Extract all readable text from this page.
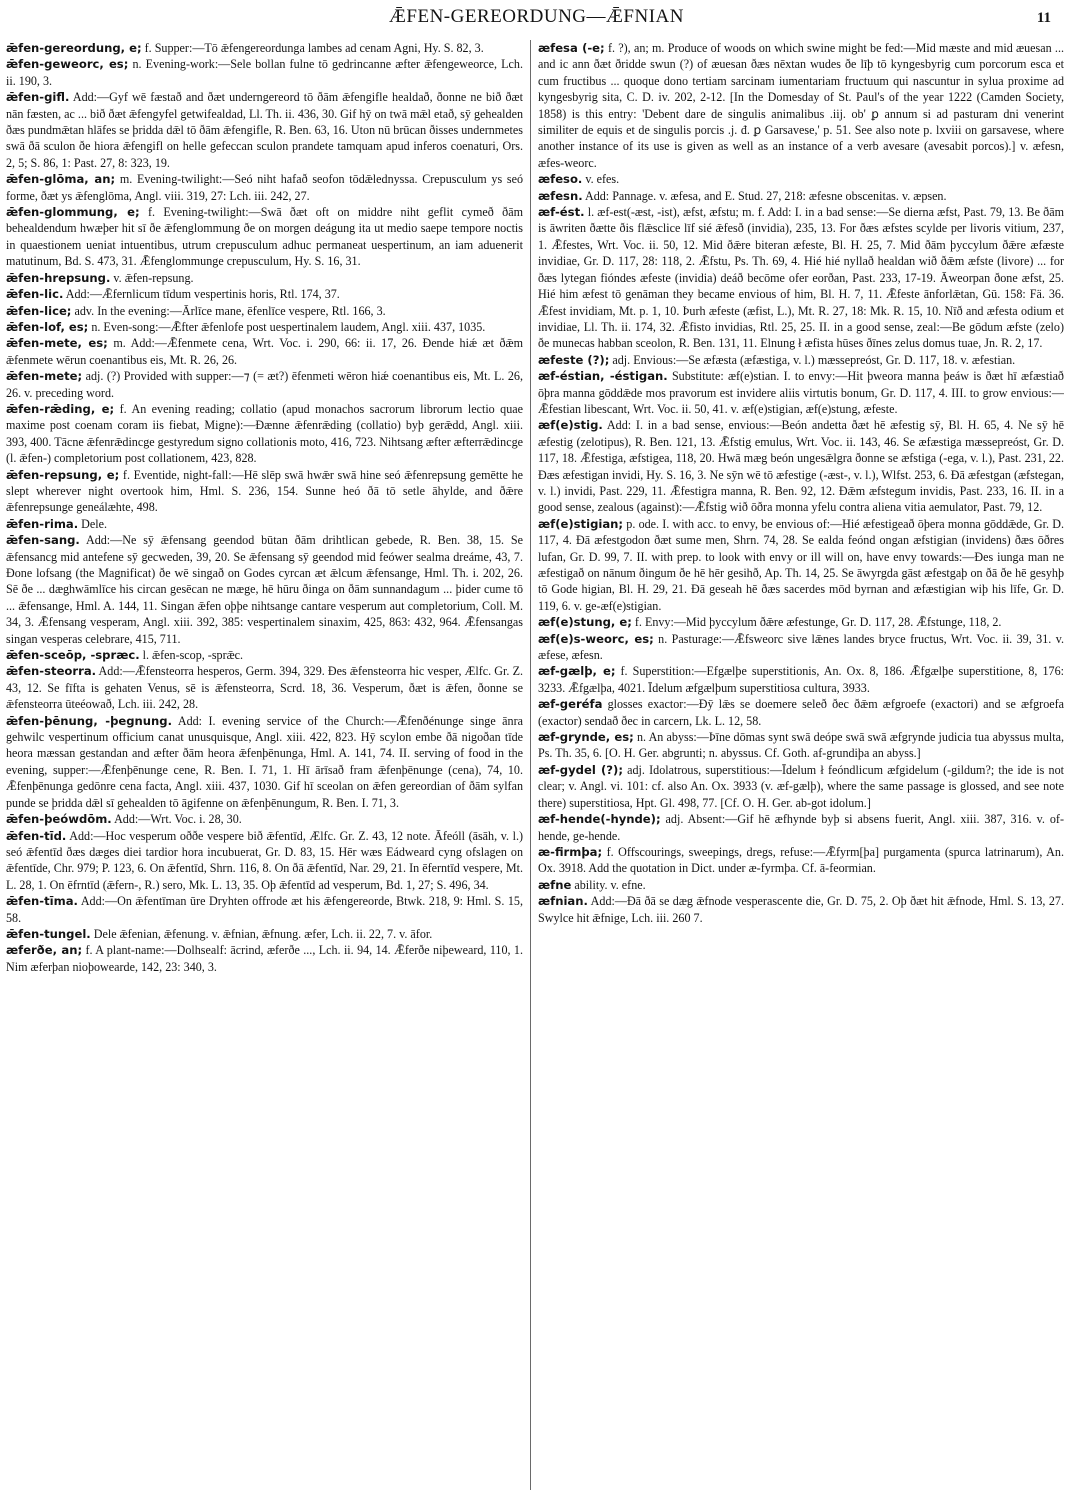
ǢFEN-GEREORDUNG—ǢFNIAN	11

ǣfen-gereordung, e; f. Supper:—Tō ǣfengereordunga lambes ad cenam Agni, Hy. S. 82, 3.

ǣfen-geweorc, es; n. Evening-work:—Sele bollan fulne tō gedrincanne æfter ǣfengeweorce, Lch. ii. 190, 3.

ǣfen-gifl. Add:—Gyf wē fæstað and ðæt underngereord tō ðām ǣfengifle healdað, ðonne ne bið ðæt nān fæsten, ac ... bið ðæt ǣfengyfel getwifealdad, Ll. Th. ii. 436, 30. Gif hȳ on twā mǣl etað, sȳ gehealden ðæs pundmǣtan hlāfes se þridda dǣl tō ðām ǣfengifle, R. Ben. 63, 16. Uton nū brūcan ðisses undernmetes swā ðā sculon ðe hiora ǣfengifl on helle gefeccan sculon prandete tamquam apud inferos coenaturi, Ors. 2, 5; S. 86, 1: Past. 27, 8: 323, 19.

ǣfen-glōma, an; m. Evening-twilight:—Seó niht hafað seofon tōdǣlednyssa. Crepusculum ys seó forme, ðæt ys ǣfenglōma, Angl. viii. 319, 27: Lch. iii. 242, 27.

ǣfen-glommung, e; f. Evening-twilight:—Swā ðæt oft on middre niht geflit cymeð ðām behealdendum hwæþer hit sī ðe ǣfenglommung ðe on morgen deágung ita ut medio saepe tempore noctis in quaestionem ueniat intuentibus, utrum crepusculum adhuc permaneat uespertinum, an iam aduenerit matutinum, Bd. S. 473, 31. Ǣfenglommunge crepusculum, Hy. S. 16, 31.

ǣfen-hrepsung. v. ǣfen-repsung.

ǣfen-lic. Add:—Ǣfernlicum tīdum vespertinis horis, Rtl. 174, 37.

ǣfen-lice; adv. In the evening:—Ārlīce mane, ēfenlīce vespere, Rtl. 166, 3.

ǣfen-lof, es; n. Even-song:—Ǣfter ǣfenlofe post uespertinalem laudem, Angl. xiii. 437, 1035.

ǣfen-mete, es; m. Add:—Ǣfenmete cena, Wrt. Voc. i. 290, 66: ii. 17, 26. Ðende hiǽ æt ðǣm ǣfenmete wērun coenantibus eis, Mt. R. 26, 26.

ǣfen-mete; adj. (?) Provided with supper:—⁊ (= æt?) ēfenmeti wēron hiǽ coenantibus eis, Mt. L. 26, 26. v. preceding word.

ǣfen-rǣding, e; f. An evening reading; collatio (apud monachos sacrorum librorum lectio quae maxime post coenam coram iis fiebat, Migne):—Ðænne ǣfenrǣding (collatio) byþ gerǣdd, Angl. xiii. 393, 400. Tācne ǣfenrǣdincge gestyredum signo collationis moto, 416, 723. Nihtsang æfter æfterrǣdincge (l. ǣfen-) completorium post collationem, 423, 828.

ǣfen-repsung, e; f. Eventide, night-fall:—Hē slēp swā hwǣr swā hine seó ǣfenrepsung gemētte he slept wherever night overtook him, Hml. S. 236, 154. Sunne heó ðā tō setle āhylde, and ðǣre ǣfenrepsunge geneálæhte, 498.

ǣfen-rima. Dele.

ǣfen-sang. Add:—Ne sȳ ǣfensang geendod būtan ðām drihtlican gebede, R. Ben. 38, 15. Se ǣfensancg mid antefene sȳ gecweden, 39, 20. Se ǣfensang sȳ geendod mid feówer sealma dreáme, 43, 7. Ðone lofsang (the Magnificat) ðe wē singað on Godes cyrcan æt ǣlcum ǣfensange, Hml. Th. i. 202, 26. Sē ðe ... dæghwāmlīce his circan gesēcan ne mæge, hē hūru ðinga on ðām sunnandagum ... þider cume tō ... ǣfensange, Hml. A. 144, 11. Singan ǣfen oþþe nihtsange cantare vesperum aut completorium, Coll. M. 34, 3. Ǣfensang vesperam, Angl. xiii. 392, 385: vespertinalem sinaxim, 425, 863: 432, 964. Ǣfensangas singan vesperas celebrare, 415, 711.

ǣfen-sceōp, -spræc. l. ǣfen-scop, -sprǣc.

ǣfen-steorra. Add:—Ǣfensteorra hesperos, Germ. 394, 329. Ðes ǣfensteorra hic vesper, Ælfc. Gr. Z. 43, 12. Se fīfta is gehaten Venus, sē is ǣfensteorra, Scrd. 18, 36. Vesperum, ðæt is ǣfen, ðonne se ǣfensteorra ūteéowað, Lch. iii. 242, 28.

ǣfen-þēnung, -þegnung. Add: I. evening service of the Church:—Ǣfenðénunge singe ānra gehwilc vespertinum officium canat unusquisque, Angl. xiii. 422, 823. Hȳ scylon embe ðā nigoðan tīde heora mæssan gestandan and æfter ðām heora ǣfenþēnunga, Hml. A. 141, 74. II. serving of food in the evening, supper:—Ǣfenþēnunge cene, R. Ben. I. 71, 1. Hī ārīsað fram ǣfenþēnunge (cena), 74, 10. Ǣfenþēnunga gedōnre cena facta, Angl. xiii. 437, 1030. Gif hī sceolan on ǣfen gereordian of ðām sylfan punde se þridda dǣl sī gehealden tō āgifenne on ǣfenþēnungum, R. Ben. I. 71, 3.

ǣfen-þeówdōm. Add:—Wrt. Voc. i. 28, 30.

ǣfen-tīd. Add:—Hoc vesperum oððe vespere bið ǣfentīd, Ælfc. Gr. Z. 43, 12 note. Āfeóll (āsāh, v. l.) seó ǣfentīd ðæs dæges diei tardior hora incubuerat, Gr. D. 83, 15. Hēr wæs Eádweard cyng ofslagen on ǣfentīde, Chr. 979; P. 123, 6. On ǣfentīd, Shrn. 116, 8. On ðā ǣfentīd, Nar. 29, 21. In ēferntīd vespere, Mt. L. 28, 1. On ēfrntīd (ǣfern-, R.) sero, Mk. L. 13, 35. Oþ ǣfentīd ad vesperum, Bd. 1, 27; S. 496, 34.

ǣfen-tīma. Add:—On ǣfentīman ūre Dryhten offrode æt his ǣfengereorde, Btwk. 218, 9: Hml. S. 15, 58.

ǣfen-tungel. Dele ǣfenian, ǣfenung. v. ǣfnian, ǣfnung. æfer, Lch. ii. 22, 7. v. āfor.

æferðe, an; f. A plant-name:—Dolhsealf: ācrind, æferðe ..., Lch. ii. 94, 14. Ǣferðe niþeweard, 110, 1. Nim æferþan nioþowearde, 142, 23: 340, 3.

æfesa (-e; f. ?), an; m. Produce of woods on which swine might be fed:—Mid mæste and mid æuesan ... and ic ann ðæt ðridde swun (?) of æuesan ðæs nēxtan wudes ðe līþ tō kyngesbyrig cum porcorum esca et cum fructibus ... quoque dono tertiam sarcinam iumentariam fructuum qui nascuntur in sylua proxime ad kyngesbyrig sita, C. D. iv. 202, 2-12. [In the Domesday of St. Paul's of the year 1222 (Camden Society, 1858) is this entry: 'Debent dare de singulis animalibus .iij. ob' ꝑ annum si ad pasturam dni venerint similiter de equis et de singulis porcis .j. đ. ꝑ Garsavese,' p. 51. See also note p. lxviii on garsavese, where another instance of its use is given as well as an instance of a verb avesare (avesabit porcos).] v. æfesn, æfes-weorc.

æfeso. v. efes.

æfesn. Add: Pannage. v. æfesa, and E. Stud. 27, 218: æfesne obscenitas. v. æpsen.

æf-ést. l. æf-est(-æst, -ist), æfst, æfstu; m. f. Add: I. in a bad sense:—Se dierna æfst, Past. 79, 13. Be ðām is āwriten ðætte ðis flǣsclice līf sié ǣfesð (invidia), 235, 13. For ðæs æfstes scylde per livoris vitium, 237, 1. Ǣfestes, Wrt. Voc. ii. 50, 12. Mid ðǣre biteran æfeste, Bl. H. 25, 7. Mid ðām þyccylum ðǣre æfæste invidiae, Gr. D. 117, 28: 118, 2. Ǣfstu, Ps. Th. 69, 4. Hié hié nyllað healdan wið ðǣm æfste (livore) ... for ðæs lytegan fióndes æfeste (invidia) deáð becōme ofer eorðan, Past. 233, 17-19. Āweorpan ðone æfst, 25. Hié him æfest tō genāman they became envious of him, Bl. H. 7, 11. Ǣfeste ānforlǣtan, Gū. 158: Fä. 36. Ǣfest invidiam, Mt. p. 1, 10. Þurh æfeste (æfist, L.), Mt. R. 27, 18: Mk. R. 15, 10. Nīð and æfesta odium et invidiae, Ll. Th. ii. 174, 32. Ǣfisto invidias, Rtl. 25, 25. II. in a good sense, zeal:—Be gōdum æfste (zelo) ðe munecas habban sceolon, R. Ben. 131, 11. Elnung ł æfista hūses ðīnes zelus domus tuae, Jn. R. 2, 17.

æfeste (?); adj. Envious:—Se æfæsta (æfæstiga, v. l.) mæssepreóst, Gr. D. 117, 18. v. æfestian.

æf-éstian, -éstigan. Substitute: æf(e)stian. I. to envy:—Hit þweora manna þeáw is ðæt hī æfæstiað ōþra manna gōddǣde mos pravorum est invidere aliis virtutis bonum, Gr. D. 117, 4. III. to grow envious:—Ǣfestian libescant, Wrt. Voc. ii. 50, 41. v. æf(e)stigian, æf(e)stung, æfeste.

æf(e)stig. Add: I. in a bad sense, envious:—Beón andetta ðæt hē æfestig sȳ, Bl. H. 65, 4. Ne sȳ hē æfestig (zelotipus), R. Ben. 121, 13. Ǣfstig emulus, Wrt. Voc. ii. 143, 46. Se æfæstiga mæssepreóst, Gr. D. 117, 18. Ǣfestiga, æfstigea, 118, 20. Hwā mæg beón ungesǣlgra ðonne se æfstiga (-ega, v. l.), Past. 231, 22. Ðæs æfestigan invidi, Hy. S. 16, 3. Ne sȳn wē tō æfestige (-æst-, v. l.), Wlfst. 253, 6. Ðā æfestgan (æfstegan, v. l.) invidi, Past. 229, 11. Ǣfestigra manna, R. Ben. 92, 12. Ðǣm æfstegum invidis, Past. 233, 16. II. in a good sense, zealous (against):—Ǣfstig wið ōðra monna yfelu contra aliena vitia aemulator, Past. 79, 12.

æf(e)stigian; p. ode. I. with acc. to envy, be envious of:—Hié æfestigeað ōþera monna gōddǣde, Gr. D. 117, 4. Ðā æfestgodon ðæt sume men, Shrn. 74, 28. Se ealda feónd ongan æfstigian (invidens) ðæs ōðres lufan, Gr. D. 99, 7. II. with prep. to look with envy or ill will on, have envy towards:—Ðes iunga man ne æfestigað on nānum ðingum ðe hē hēr gesihð, Ap. Th. 14, 25. Se āwyrgda gāst æfestgaþ on ðā ðe hē gesyhþ tō Gode higian, Bl. H. 29, 21. Ðā geseah hē ðæs sacerdes mōd byrnan and æfæstigian wiþ his līfe, Gr. D. 119, 6. v. ge-æf(e)stigian.

æf(e)stung, e; f. Envy:—Mid þyccylum ðǣre æfestunge, Gr. D. 117, 28. Ǣfstunge, 118, 2.

æf(e)s-weorc, es; n. Pasturage:—Ǣfsweorc sive lǣnes landes bryce fructus, Wrt. Voc. ii. 39, 31. v. æfese, æfesn.

æf-gælþ, e; f. Superstition:—Efgælþe superstitionis, An. Ox. 8, 186. Ǣfgælþe superstitione, 8, 176: 3233. Ǣfgælþa, 4021. Īdelum æfgælþum superstitiosa cultura, 3933.

æf-geréfa glosses exactor:—Ðȳ lǣs se doemere seleð ðec ðǣm æfgroefe (exactori) and se æfgroefa (exactor) sendað ðec in carcern, Lk. L. 12, 58.

æf-grynde, es; n. An abyss:—Þīne dōmas synt swā deópe swā swā æfgrynde judicia tua abyssus multa, Ps. Th. 35, 6. [O. H. Ger. abgrunti; n. abyssus. Cf. Goth. af-grundiþa an abyss.]

æf-gydel (?); adj. Idolatrous, superstitious:—Īdelum ł feóndlicum æfgidelum (-gildum?; the ide is not clear; v. Angl. vi. 101: cf. also An. Ox. 3933 (v. æf-gælþ), where the same passage is glossed, and see note there) superstitiosa, Hpt. Gl. 498, 77. [Cf. O. H. Ger. ab-got idolum.]

æf-hende(-hynde); adj. Absent:—Gif hē æfhynde byþ si absens fuerit, Angl. xiii. 387, 316. v. of-hende, ge-hende.

æ-firmþa; f. Offscourings, sweepings, dregs, refuse:—Ǣfyrm[þa] purgamenta (spurca latrinarum), An. Ox. 3918. Add the quotation in Dict. under æ-fyrmþa. Cf. ā-feormian.

æfne ability. v. efne.

æfnian. Add:—Ðā ðā se dæg ǣfnode vesperascente die, Gr. D. 75, 2. Oþ ðæt hit ǣfnode, Hml. S. 13, 27. Swylce hit ǣfnige, Lch. iii. 260 7.
